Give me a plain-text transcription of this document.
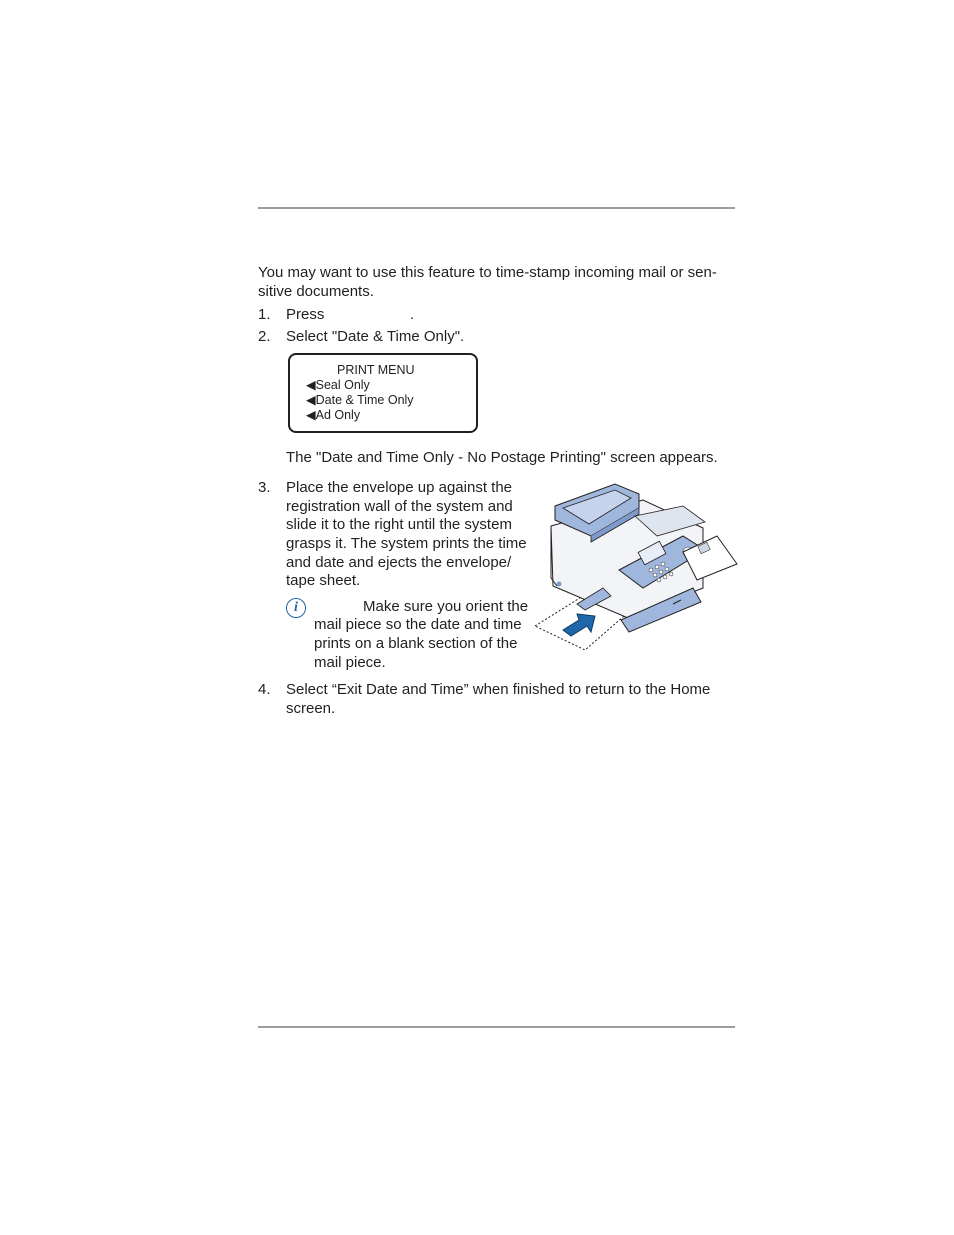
You may want to use this feature to time-stamp incoming mail or sen-

sitive documents.

1. Press	.
2. Select "Date & Time Only".
PRINT MENU
◀Seal Only
◀Date & Time Only
◀Ad Only
The "Date and Time Only - No Postage Printing" screen appears.
3. Place the envelope up against the
registration wall of the system and
slide it to the right until the system
grasps it. The system prints the time
and date and ejects the envelope/
tape sheet.
i	Make sure you orient the
mail piece so the date and time
prints on a blank section of the
mail piece.
4. Select “Exit Date and Time” when finished to return to the Home
screen.
